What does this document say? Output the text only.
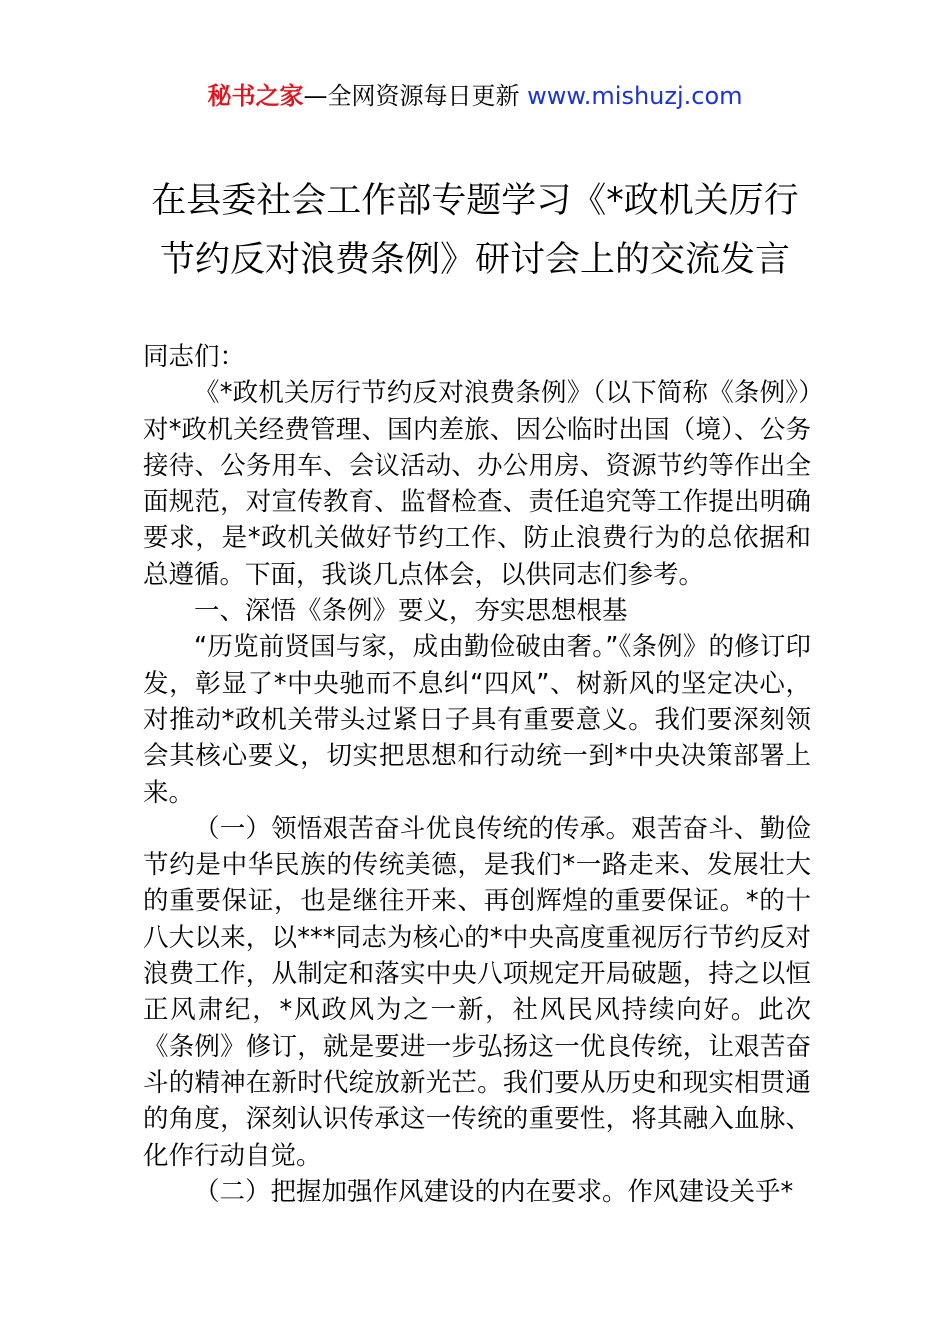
秘书之家—全网资源每日更新 www.mishuzj.com
在县委社会工作部专题学习《*政机关厉行
节约反对浪费条例》研讨会上的交流发言

同志们：

《*政机关厉行节约反对浪费条例》（以下简称《条例》）对*政机关经费管理、国内差旅、因公临时出国（境）、公务接待、公务用车、会议活动、办公用房、资源节约等作出全面规范，对宣传教育、监督检查、责任追究等工作提出明确要求，是*政机关做好节约工作、防止浪费行为的总依据和总遵循。下面，我谈几点体会，以供同志们参考。

一、深悟《条例》要义，夯实思想根基

“历览前贤国与家，成由勤俭破由奢。”《条例》的修订印发，彰显了*中央驰而不息纠“四风”、树新风的坚定决心，对推动*政机关带头过紧日子具有重要意义。我们要深刻领会其核心要义，切实把思想和行动统一到*中央决策部署上来。

（一）领悟艰苦奋斗优良传统的传承。艰苦奋斗、勤俭节约是中华民族的传统美德，是我们*一路走来、发展壮大的重要保证，也是继往开来、再创辉煌的重要保证。*的十八大以来，以***同志为核心的*中央高度重视厉行节约反对浪费工作，从制定和落实中央八项规定开局破题，持之以恒正风肃纪，*风政风为之一新，社风民风持续向好。此次《条例》修订，就是要进一步弘扬这一优良传统，让艰苦奋斗的精神在新时代绽放新光芒。我们要从历史和现实相贯通的角度，深刻认识传承这一传统的重要性，将其融入血脉、化作行动自觉。

（二）把握加强作风建设的内在要求。作风建设关乎*
